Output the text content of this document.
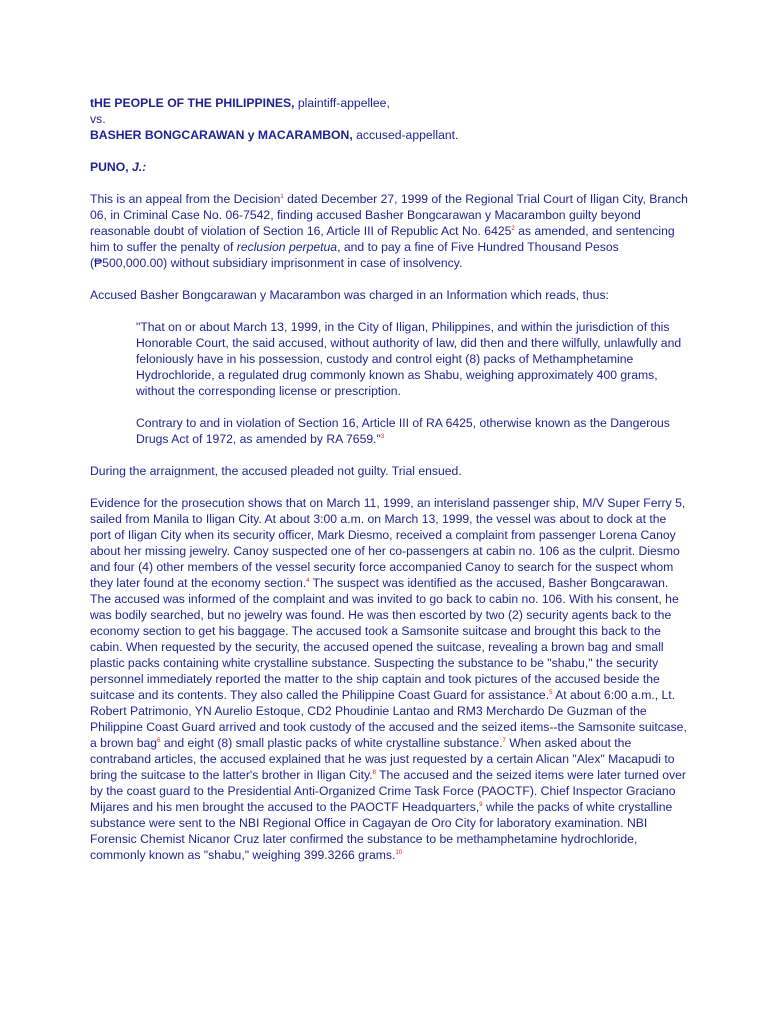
tHE PEOPLE OF THE PHILIPPINES, plaintiff-appellee,

vs.

BASHER BONGCARAWAN y MACARAMBON, accused-appellant.

PUNO, J.:

This is an appeal from the Decision$^1$ dated December 27, 1999 of the Regional Trial Court of Iligan City, Branch 06, in Criminal Case No. 06-7542, finding accused Basher Bongcarawan y Macarambon guilty beyond reasonable doubt of violation of Section 16, Article III of Republic Act No. 6425$^2$ as amended, and sentencing him to suffer the penalty of reclusion perpetua, and to pay a fine of Five Hundred Thousand Pesos (₱500,000.00) without subsidiary imprisonment in case of insolvency.

Accused Basher Bongcarawan y Macarambon was charged in an Information which reads, thus:

"That on or about March 13, 1999, in the City of Iligan, Philippines, and within the jurisdiction of this Honorable Court, the said accused, without authority of law, did then and there wilfully, unlawfully and feloniously have in his possession, custody and control eight (8) packs of Methamphetamine Hydrochloride, a regulated drug commonly known as Shabu, weighing approximately 400 grams, without the corresponding license or prescription.

Contrary to and in violation of Section 16, Article III of RA 6425, otherwise known as the Dangerous Drugs Act of 1972, as amended by RA 7659."$^3$

During the arraignment, the accused pleaded not guilty. Trial ensued.

Evidence for the prosecution shows that on March 11, 1999, an interisland passenger ship, M/V Super Ferry 5, sailed from Manila to Iligan City. At about 3:00 a.m. on March 13, 1999, the vessel was about to dock at the port of Iligan City when its security officer, Mark Diesmo, received a complaint from passenger Lorena Canoy about her missing jewelry. Canoy suspected one of her co-passengers at cabin no. 106 as the culprit. Diesmo and four (4) other members of the vessel security force accompanied Canoy to search for the suspect whom they later found at the economy section.$^4$ The suspect was identified as the accused, Basher Bongcarawan. The accused was informed of the complaint and was invited to go back to cabin no. 106. With his consent, he was bodily searched, but no jewelry was found. He was then escorted by two (2) security agents back to the economy section to get his baggage. The accused took a Samsonite suitcase and brought this back to the cabin. When requested by the security, the accused opened the suitcase, revealing a brown bag and small plastic packs containing white crystalline substance. Suspecting the substance to be "shabu," the security personnel immediately reported the matter to the ship captain and took pictures of the accused beside the suitcase and its contents. They also called the Philippine Coast Guard for assistance.$^5$ At about 6:00 a.m., Lt. Robert Patrimonio, YN Aurelio Estoque, CD2 Phoudinie Lantao and RM3 Merchardo De Guzman of the Philippine Coast Guard arrived and took custody of the accused and the seized items--the Samsonite suitcase, a brown bag$^6$ and eight (8) small plastic packs of white crystalline substance.$^7$ When asked about the contraband articles, the accused explained that he was just requested by a certain Alican "Alex" Macapudi to bring the suitcase to the latter's brother in Iligan City.$^8$ The accused and the seized items were later turned over by the coast guard to the Presidential Anti-Organized Crime Task Force (PAOCTF). Chief Inspector Graciano Mijares and his men brought the accused to the PAOCTF Headquarters,$^9$ while the packs of white crystalline substance were sent to the NBI Regional Office in Cagayan de Oro City for laboratory examination. NBI Forensic Chemist Nicanor Cruz later confirmed the substance to be methamphetamine hydrochloride, commonly known as "shabu," weighing 399.3266 grams.$^{10}$
